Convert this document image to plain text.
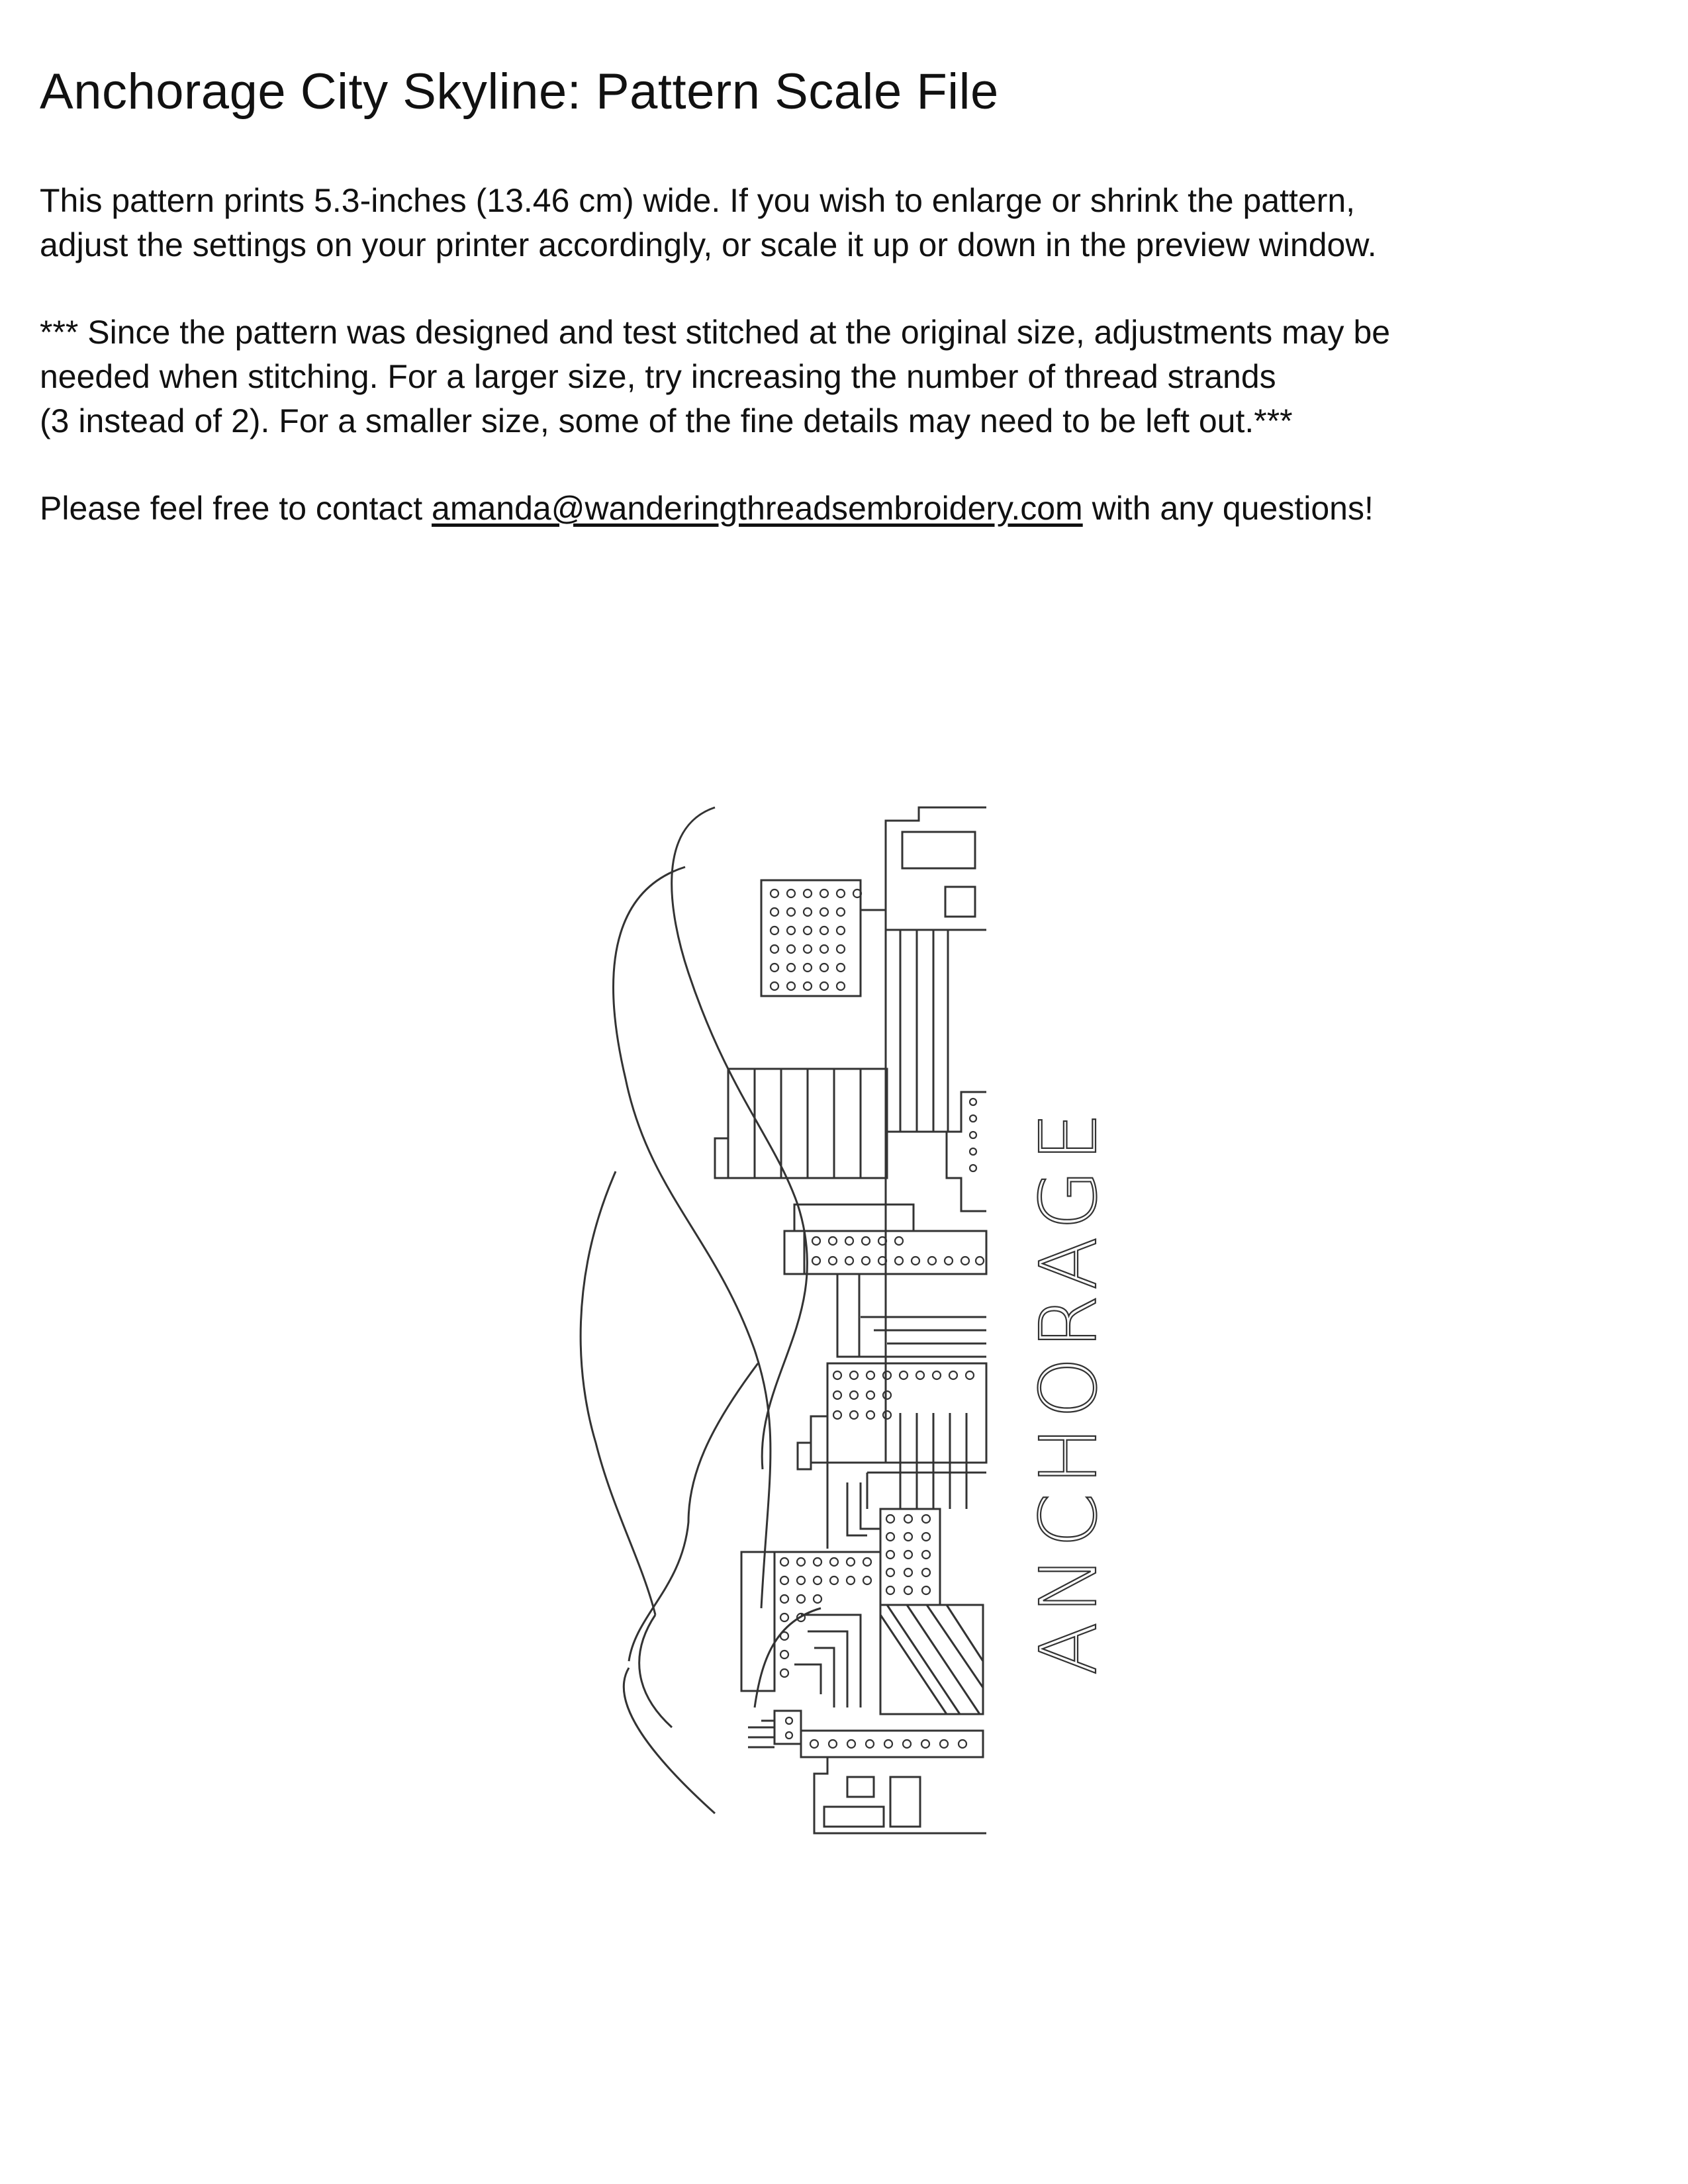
Anchorage City Skyline: Pattern Scale File

This pattern prints 5.3-inches (13.46 cm) wide. If you wish to enlarge or shrink the pattern,
adjust the settings on your printer accordingly, or scale it up or down in the preview window.

*** Since the pattern was designed and test stitched at the original size, adjustments may be
needed when stitching. For a larger size, try increasing the number of thread strands
(3 instead of 2). For a smaller size, some of the fine details may need to be left out.***

Please feel free to contact amanda@wanderingthreadsembroidery.com with any questions!

ANCHORAGE
